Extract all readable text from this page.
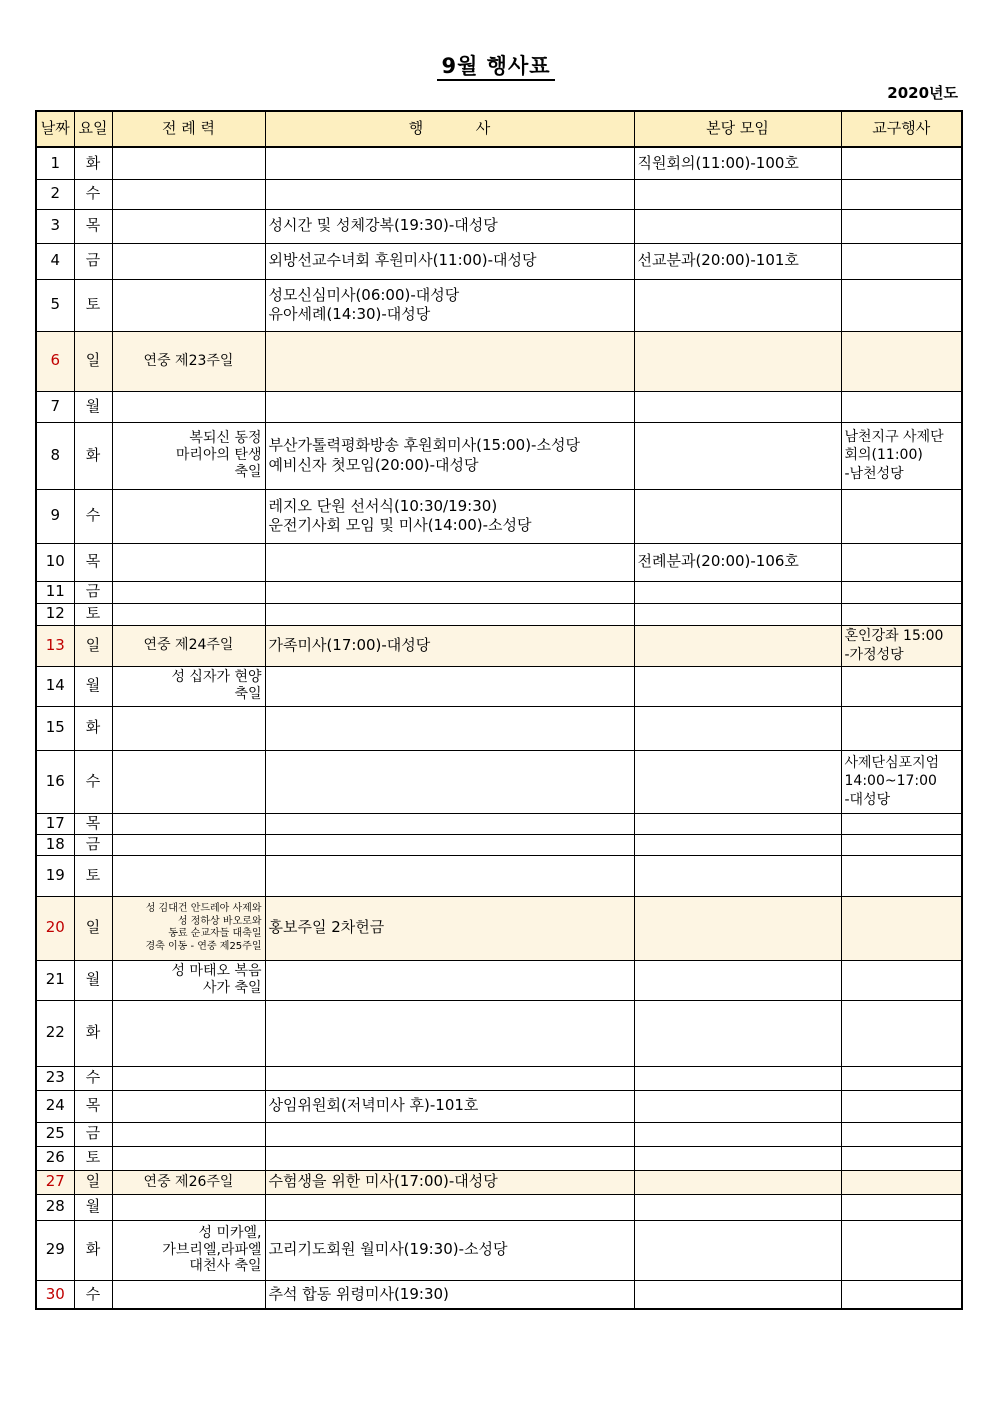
9월 행사표
2020년도
날짜	요일	전 례 력	행           사	본당 모임	교구행사
1	화			직원회의(11:00)-100호	
2	수				
3	목		성시간 및 성체강복(19:30)-대성당		
4	금		외방선교수녀회 후원미사(11:00)-대성당	선교분과(20:00)-101호	
5	토		성모신심미사(06:00)-대성당
유아세례(14:30)-대성당		
6	일	연중 제23주일			
7	월				
8	화	복되신 동정
마리아의 탄생
축일	부산가톨력평화방송 후원회미사(15:00)-소성당
예비신자 첫모임(20:00)-대성당		남천지구 사제단
회의(11:00)
-남천성당
9	수		레지오 단원 선서식(10:30/19:30)
운전기사회 모임 및 미사(14:00)-소성당		
10	목			전례분과(20:00)-106호	
11	금				
12	토				
13	일	연중 제24주일	가족미사(17:00)-대성당		혼인강좌 15:00
-가정성당
14	월	성 십자가 현양
축일			
15	화				
16	수				사제단심포지엄
14:00~17:00
-대성당
17	목				
18	금				
19	토				
20	일	성 김대건 안드레아 사제와
성 정하상 바오로와
동료 순교자들 대축일
경축 이동 - 연중 제25주일	홍보주일 2차헌금		
21	월	성 마태오 복음
사가 축일			
22	화				
23	수				
24	목		상임위원회(저녁미사 후)-101호		
25	금				
26	토				
27	일	연중 제26주일	수험생을 위한 미사(17:00)-대성당		
28	월				
29	화	성 미카엘,
가브리엘,라파엘
대천사 축일	고리기도회원 월미사(19:30)-소성당		
30	수		추석 합동 위령미사(19:30)		
